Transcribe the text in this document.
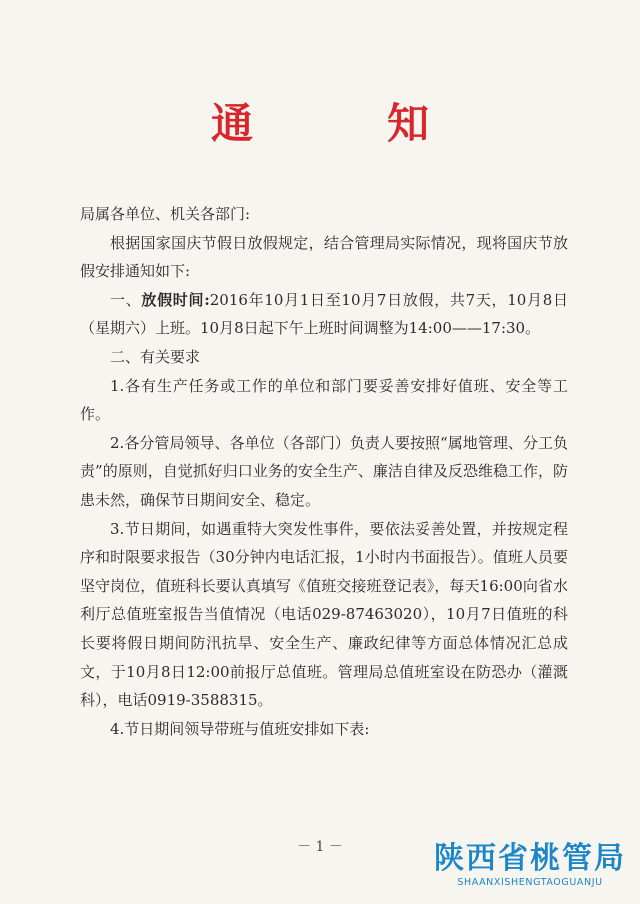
通　知

局属各单位、机关各部门:

根据国家国庆节假日放假规定，结合管理局实际情况，现将国庆节放假安排通知如下:

一、放假时间:2016年10月1日至10月7日放假，共7天，10月8日（星期六）上班。10月8日起下午上班时间调整为14:00——17:30。

二、有关要求

1.各有生产任务或工作的单位和部门要妥善安排好值班、安全等工作。

2.各分管局领导、各单位（各部门）负责人要按照“属地管理、分工负责”的原则，自觉抓好归口业务的安全生产、廉洁自律及反恐维稳工作，防患未然，确保节日期间安全、稳定。

3.节日期间，如遇重特大突发性事件，要依法妥善处置，并按规定程序和时限要求报告（30分钟内电话汇报，1小时内书面报告）。值班人员要坚守岗位，值班科长要认真填写《值班交接班登记表》，每天16:00向省水利厅总值班室报告当值情况（电话029-87463020），10月7日值班的科长要将假日期间防汛抗旱、安全生产、廉政纪律等方面总体情况汇总成文，于10月8日12:00前报厅总值班。管理局总值班室设在防恐办（灌溉科），电话0919-3588315。

4.节日期间领导带班与值班安排如下表:

－ 1 －	陕西省桃管局
SHAANXISHENGTAOGUANJU
